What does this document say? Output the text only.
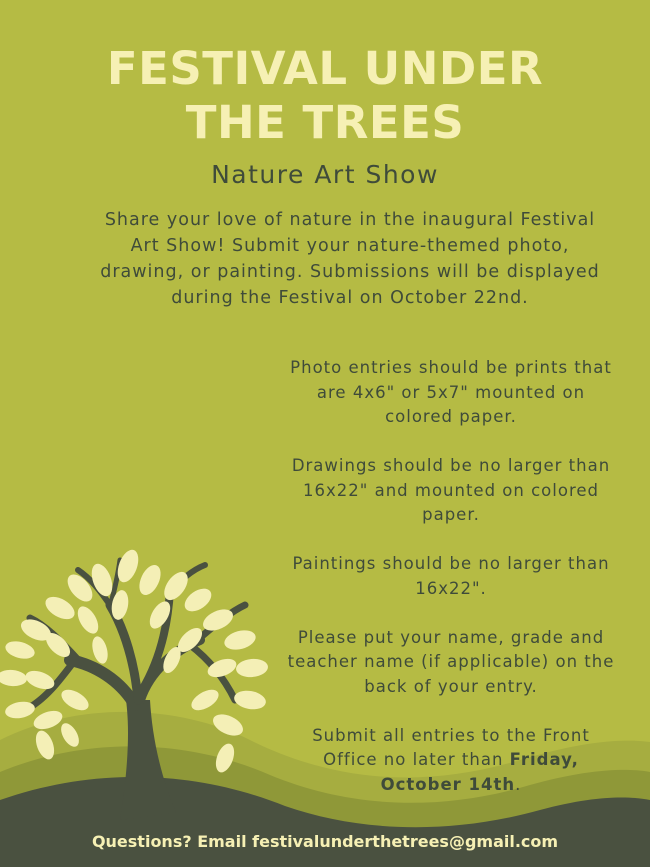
FESTIVAL UNDER
THE TREES
Nature Art Show

Share your love of nature in the inaugural Festival Art Show! Submit your nature-themed photo, drawing, or painting. Submissions will be displayed during the Festival on October 22nd.

Photo entries should be prints that are 4x6" or 5x7" mounted on colored paper.

Drawings should be no larger than 16x22" and mounted on colored paper.

Paintings should be no larger than 16x22".

Please put your name, grade and teacher name (if applicable) on the back of your entry.

Submit all entries to the Front Office no later than Friday, October 14th.

Questions? Email festivalunderthetrees@gmail.com
